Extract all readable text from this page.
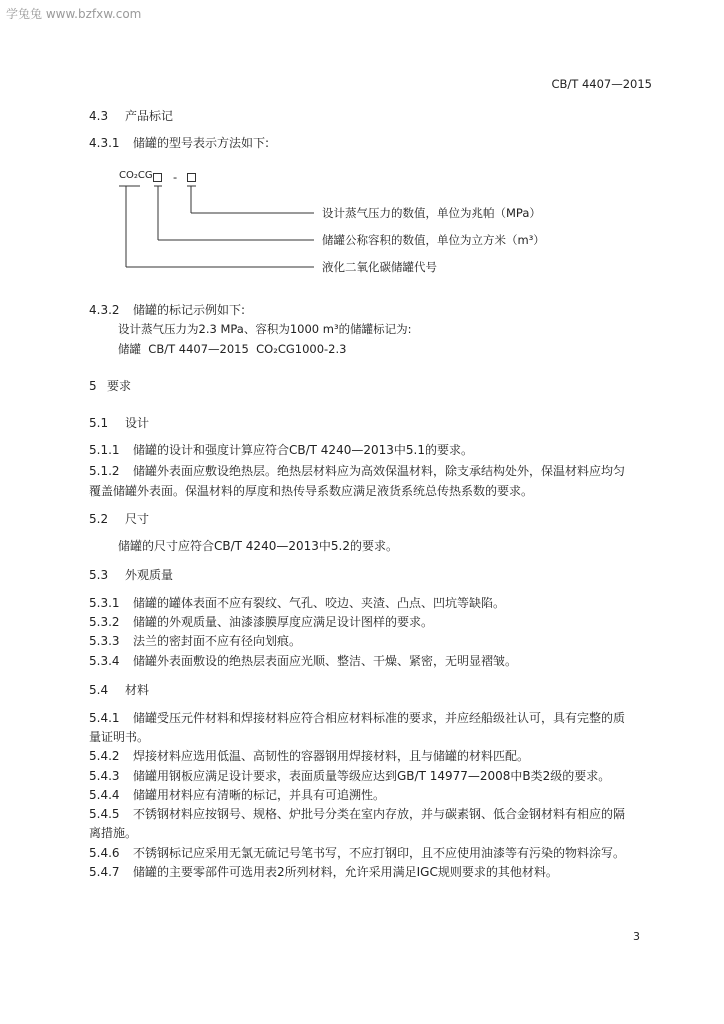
学兔兔 www.bzfxw.com
CB/T 4407—2015
4.3 产品标记
4.3.1 储罐的型号表示方法如下:
CO₂CG -
设计蒸气压力的数值，单位为兆帕（MPa）
储罐公称容积的数值，单位为立方米（m³）
液化二氧化碳储罐代号
4.3.2 储罐的标记示例如下:
设计蒸气压力为2.3 MPa、容积为1000 m³的储罐标记为:
储罐  CB/T 4407—2015  CO₂CG1000-2.3
5 要求
5.1 设计
5.1.1 储罐的设计和强度计算应符合CB/T 4240—2013中5.1的要求。
5.1.2 储罐外表面应敷设绝热层。绝热层材料应为高效保温材料，除支承结构处外，保温材料应均匀
覆盖储罐外表面。保温材料的厚度和热传导系数应满足液货系统总传热系数的要求。
5.2 尺寸
储罐的尺寸应符合CB/T 4240—2013中5.2的要求。
5.3 外观质量
5.3.1 储罐的罐体表面不应有裂纹、气孔、咬边、夹渣、凸点、凹坑等缺陷。
5.3.2 储罐的外观质量、油漆漆膜厚度应满足设计图样的要求。
5.3.3 法兰的密封面不应有径向划痕。
5.3.4 储罐外表面敷设的绝热层表面应光顺、整洁、干燥、紧密，无明显褶皱。
5.4 材料
5.4.1 储罐受压元件材料和焊接材料应符合相应材料标准的要求，并应经船级社认可，具有完整的质
量证明书。
5.4.2 焊接材料应选用低温、高韧性的容器钢用焊接材料，且与储罐的材料匹配。
5.4.3 储罐用钢板应满足设计要求，表面质量等级应达到GB/T 14977—2008中B类2级的要求。
5.4.4 储罐用材料应有清晰的标记，并具有可追溯性。
5.4.5 不锈钢材料应按钢号、规格、炉批号分类在室内存放，并与碳素钢、低合金钢材料有相应的隔
离措施。
5.4.6 不锈钢标记应采用无氯无硫记号笔书写，不应打钢印，且不应使用油漆等有污染的物料涂写。
5.4.7 储罐的主要零部件可选用表2所列材料，允许采用满足IGC规则要求的其他材料。
3
